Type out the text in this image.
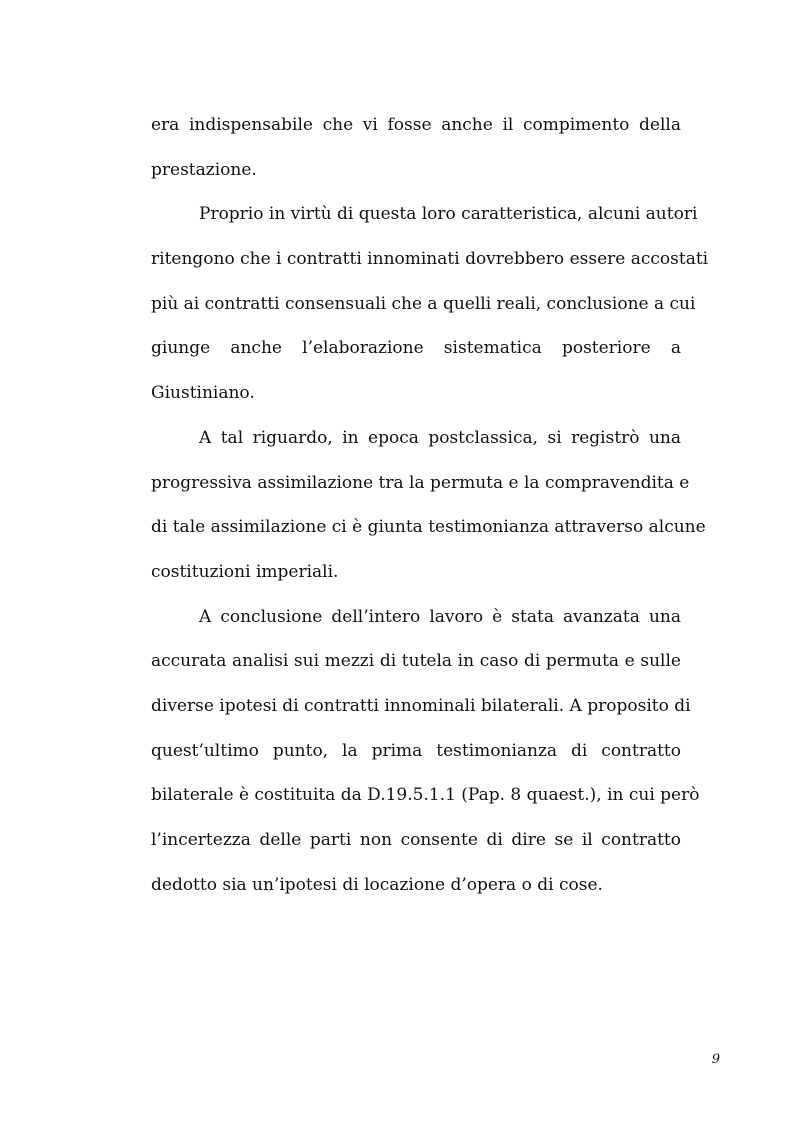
era indispensabile che vi fosse anche il compimento della
prestazione.
Proprio in virtù di questa loro caratteristica, alcuni autori
ritengono che i contratti innominati dovrebbero essere accostati
più ai contratti consensuali che a quelli reali, conclusione a cui
giunge anche l’elaborazione sistematica posteriore a
Giustiniano.
A tal riguardo, in epoca postclassica, si registrò una
progressiva assimilazione tra la permuta e la compravendita e
di tale assimilazione ci è giunta testimonianza attraverso alcune
costituzioni imperiali.
A conclusione dell’intero lavoro è stata avanzata una
accurata analisi sui mezzi di tutela in caso di permuta e sulle
diverse ipotesi di contratti innominali bilaterali. A proposito di
quest’ultimo punto, la prima testimonianza di contratto
bilaterale è costituita da D.19.5.1.1 (Pap. 8 quaest.), in cui però
l’incertezza delle parti non consente di dire se il contratto
dedotto sia un’ipotesi di locazione d’opera o di cose.
9
